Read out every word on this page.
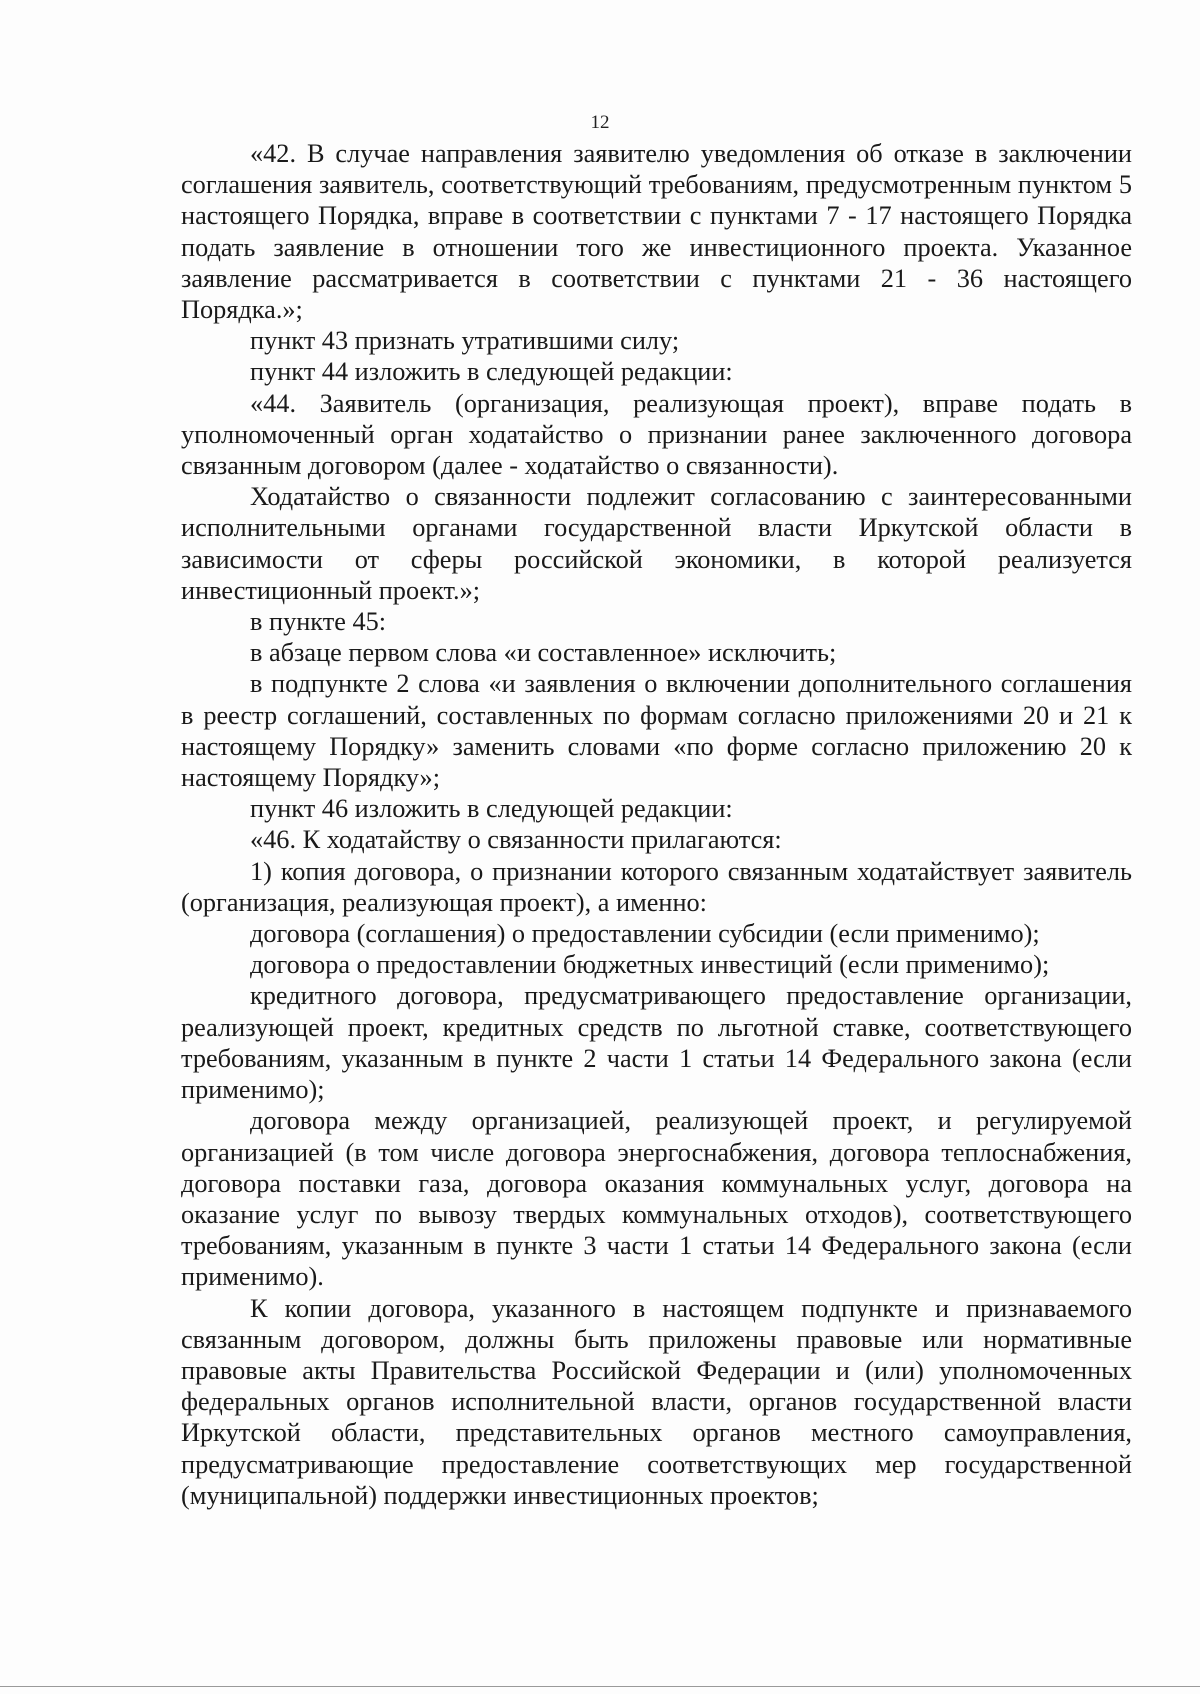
12

«42. В случае направления заявителю уведомления об отказе в заключении соглашения заявитель, соответствующий требованиям, предусмотренным пунктом 5 настоящего Порядка, вправе в соответствии с пунктами 7 - 17 настоящего Порядка подать заявление в отношении того же инвестиционного проекта. Указанное заявление рассматривается в соответствии с пунктами 21 - 36 настоящего Порядка.»;

пункт 43 признать утратившими силу;

пункт 44 изложить в следующей редакции:

«44. Заявитель (организация, реализующая проект), вправе подать в уполномоченный орган ходатайство о признании ранее заключенного договора связанным договором (далее - ходатайство о связанности).

Ходатайство о связанности подлежит согласованию с заинтересованными исполнительными органами государственной власти Иркутской области в зависимости от сферы российской экономики, в которой реализуется инвестиционный проект.»;

в пункте 45:

в абзаце первом слова «и составленное» исключить;

в подпункте 2 слова «и заявления о включении дополнительного соглашения в реестр соглашений, составленных по формам согласно приложениями 20 и 21 к настоящему Порядку» заменить словами «по форме согласно приложению 20 к настоящему Порядку»;

пункт 46 изложить в следующей редакции:

«46. К ходатайству о связанности прилагаются:

1) копия договора, о признании которого связанным ходатайствует заявитель (организация, реализующая проект), а именно:

договора (соглашения) о предоставлении субсидии (если применимо);

договора о предоставлении бюджетных инвестиций (если применимо);

кредитного договора, предусматривающего предоставление организации, реализующей проект, кредитных средств по льготной ставке, соответствующего требованиям, указанным в пункте 2 части 1 статьи 14 Федерального закона (если применимо);

договора между организацией, реализующей проект, и регулируемой организацией (в том числе договора энергоснабжения, договора теплоснабжения, договора поставки газа, договора оказания коммунальных услуг, договора на оказание услуг по вывозу твердых коммунальных отходов), соответствующего требованиям, указанным в пункте 3 части 1 статьи 14 Федерального закона (если применимо).

К копии договора, указанного в настоящем подпункте и признаваемого связанным договором, должны быть приложены правовые или нормативные правовые акты Правительства Российской Федерации и (или) уполномоченных федеральных органов исполнительной власти, органов государственной власти Иркутской области, представительных органов местного самоуправления, предусматривающие предоставление соответствующих мер государственной (муниципальной) поддержки инвестиционных проектов;
